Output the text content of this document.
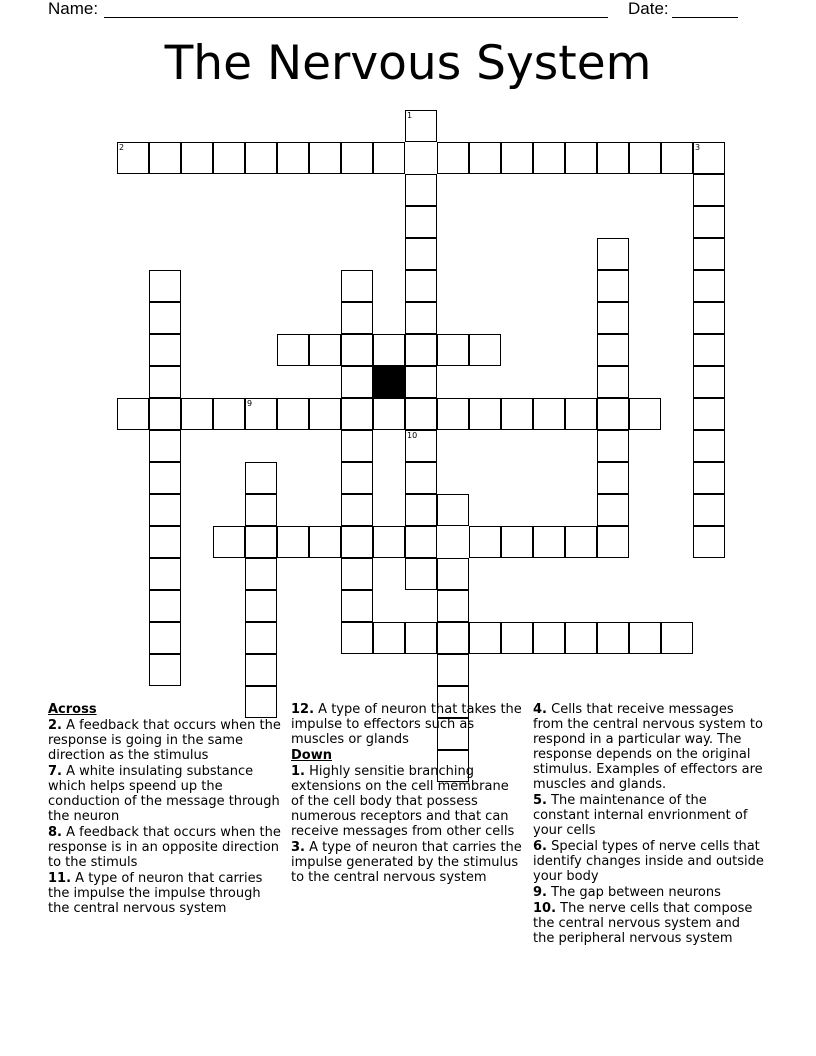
Name:	Date:
The Nervous System
1
10
2	3
9

Across

2. A feedback that occurs when the response is going in the same direction as the stimulus

7. A white insulating substance which helps speend up the conduction of the message through the neuron

8. A feedback that occurs when the response is in an opposite direction to the stimuls

11. A type of neuron that carries the impulse the impulse through the central nervous system

12. A type of neuron that takes the impulse to effectors such as muscles or glands

Down

1. Highly sensitie branching extensions on the cell membrane of the cell body that possess numerous receptors and that can receive messages from other cells

3. A type of neuron that carries the impulse generated by the stimulus to the central nervous system

4. Cells that receive messages from the central nervous system to respond in a particular way. The response depends on the original stimulus. Examples of effectors are muscles and glands.

5. The maintenance of the constant internal envrionment of your cells

6. Special types of nerve cells that identify changes inside and outside your body

9. The gap between neurons

10. The nerve cells that compose the central nervous system and the peripheral nervous system
